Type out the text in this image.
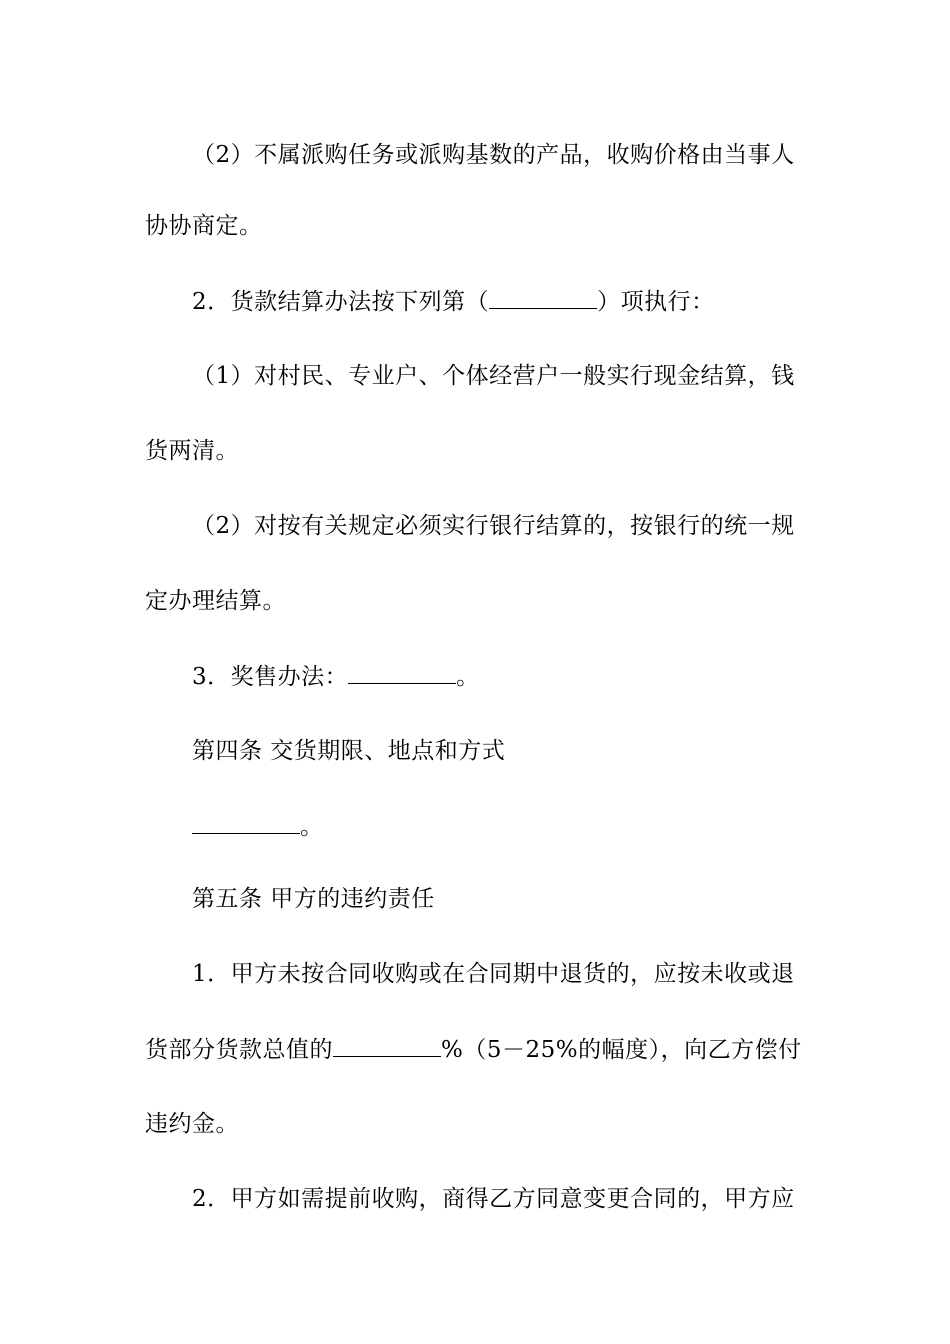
（2）不属派购任务或派购基数的产品，收购价格由当事人
协协商定。
2．货款结算办法按下列第（	）项执行：
（1）对村民、专业户、个体经营户一般实行现金结算，钱
货两清。
（2）对按有关规定必须实行银行结算的，按银行的统一规
定办理结算。
3．奖售办法：	。
第四条 交货期限、地点和方式
。
第五条 甲方的违约责任
1．甲方未按合同收购或在合同期中退货的，应按未收或退
货部分货款总值的	%（5－25%的幅度），向乙方偿付
违约金。
2．甲方如需提前收购，商得乙方同意变更合同的，甲方应
